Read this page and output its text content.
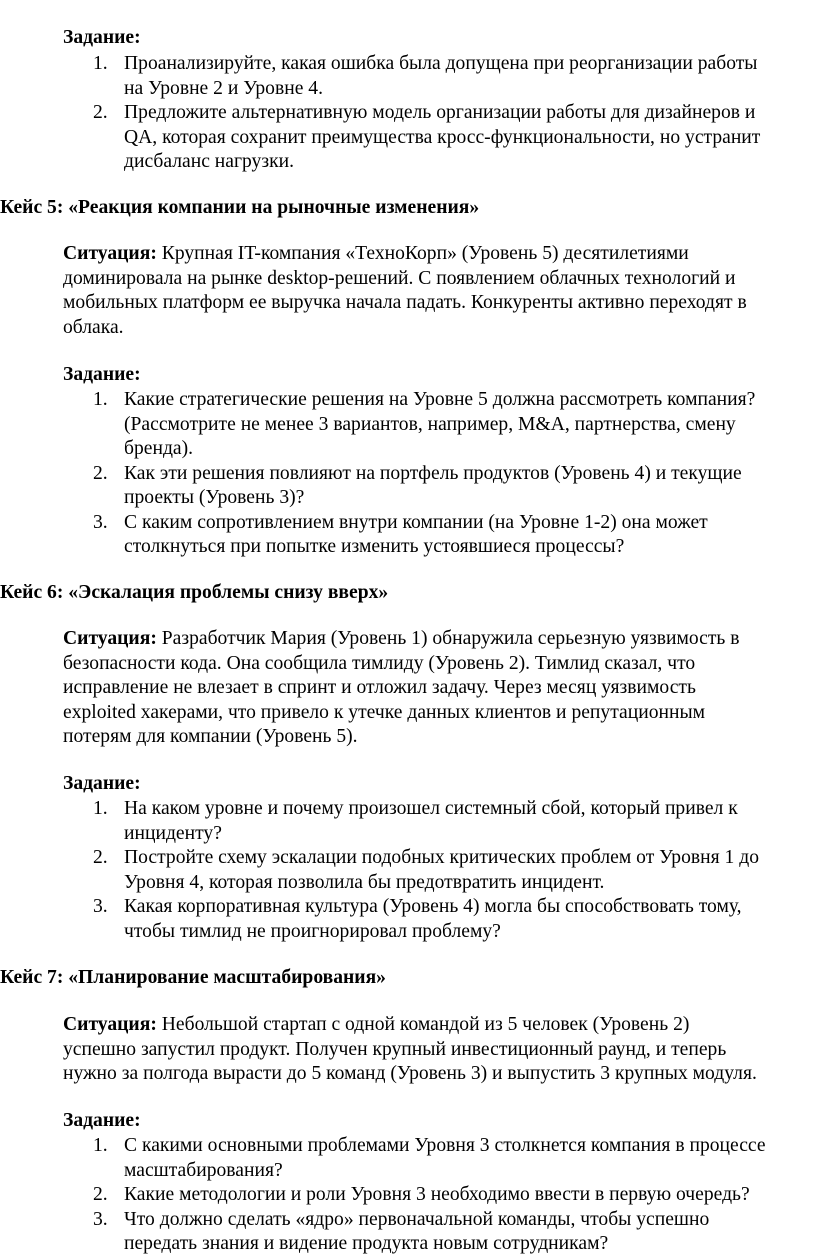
Задание:
1. Проанализируйте, какая ошибка была допущена при реорганизации работы
на Уровне 2 и Уровне 4.
2. Предложите альтернативную модель организации работы для дизайнеров и
QA, которая сохранит преимущества кросс-функциональности, но устранит
дисбаланс нагрузки.
Кейс 5: «Реакция компании на рыночные изменения»
Ситуация: Крупная IT-компания «ТехноКорп» (Уровень 5) десятилетиями
доминировала на рынке desktop-решений. С появлением облачных технологий и
мобильных платформ ее выручка начала падать. Конкуренты активно переходят в
облака.
Задание:
1. Какие стратегические решения на Уровне 5 должна рассмотреть компания?
(Рассмотрите не менее 3 вариантов, например, M&A, партнерства, смену
бренда).
2. Как эти решения повлияют на портфель продуктов (Уровень 4) и текущие
проекты (Уровень 3)?
3. С каким сопротивлением внутри компании (на Уровне 1-2) она может
столкнуться при попытке изменить устоявшиеся процессы?
Кейс 6: «Эскалация проблемы снизу вверх»
Ситуация: Разработчик Мария (Уровень 1) обнаружила серьезную уязвимость в
безопасности кода. Она сообщила тимлиду (Уровень 2). Тимлид сказал, что
исправление не влезает в спринт и отложил задачу. Через месяц уязвимость
exploited хакерами, что привело к утечке данных клиентов и репутационным
потерям для компании (Уровень 5).
Задание:
1. На каком уровне и почему произошел системный сбой, который привел к
инциденту?
2. Постройте схему эскалации подобных критических проблем от Уровня 1 до
Уровня 4, которая позволила бы предотвратить инцидент.
3. Какая корпоративная культура (Уровень 4) могла бы способствовать тому,
чтобы тимлид не проигнорировал проблему?
Кейс 7: «Планирование масштабирования»
Ситуация: Небольшой стартап с одной командой из 5 человек (Уровень 2)
успешно запустил продукт. Получен крупный инвестиционный раунд, и теперь
нужно за полгода вырасти до 5 команд (Уровень 3) и выпустить 3 крупных модуля.
Задание:
1. С какими основными проблемами Уровня 3 столкнется компания в процессе
масштабирования?
2. Какие методологии и роли Уровня 3 необходимо ввести в первую очередь?
3. Что должно сделать «ядро» первоначальной команды, чтобы успешно
передать знания и видение продукта новым сотрудникам?
